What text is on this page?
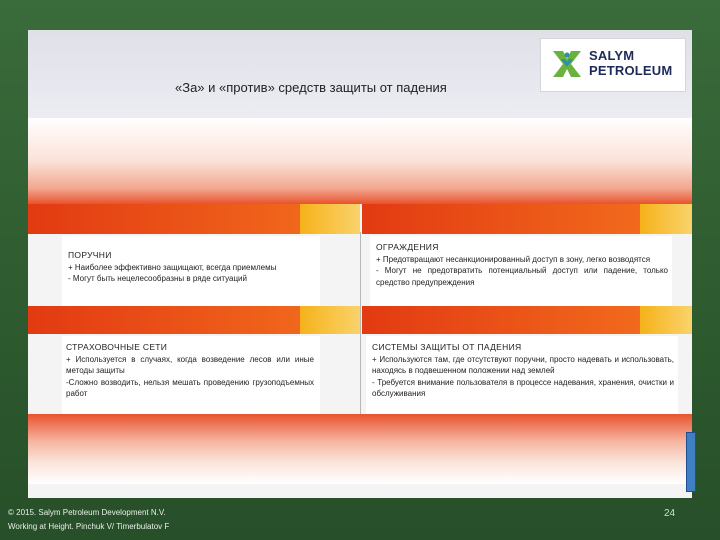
«За» и «против» средств защиты от падения
SALYM
PETROLEUM
ПОРУЧНИ

+ Наиболее эффективно защищают, всегда приемлемы

- Могут быть нецелесообразны в ряде ситуаций

ОГРАЖДЕНИЯ

+ Предотвращают несанкционированный доступ в зону, легко возводятся

- Могут не предотвратить потенциальный доступ или падение, только средство предупреждения

СТРАХОВОЧНЫЕ СЕТИ

+ Используется в случаях, когда возведение лесов или иные методы защиты

-Сложно возводить, нельзя мешать проведению грузоподъемных работ

СИСТЕМЫ ЗАЩИТЫ ОТ ПАДЕНИЯ

+ Используются там, где отсутствуют поручни, просто надевать и использовать, находясь в подвешенном положении над землей

- Требуется внимание пользователя в процессе надевания, хранения, очистки и обслуживания

© 2015. Salym Petroleum Development N.V.
Working at Height. Pinchuk V/ Timerbulatov F
24
